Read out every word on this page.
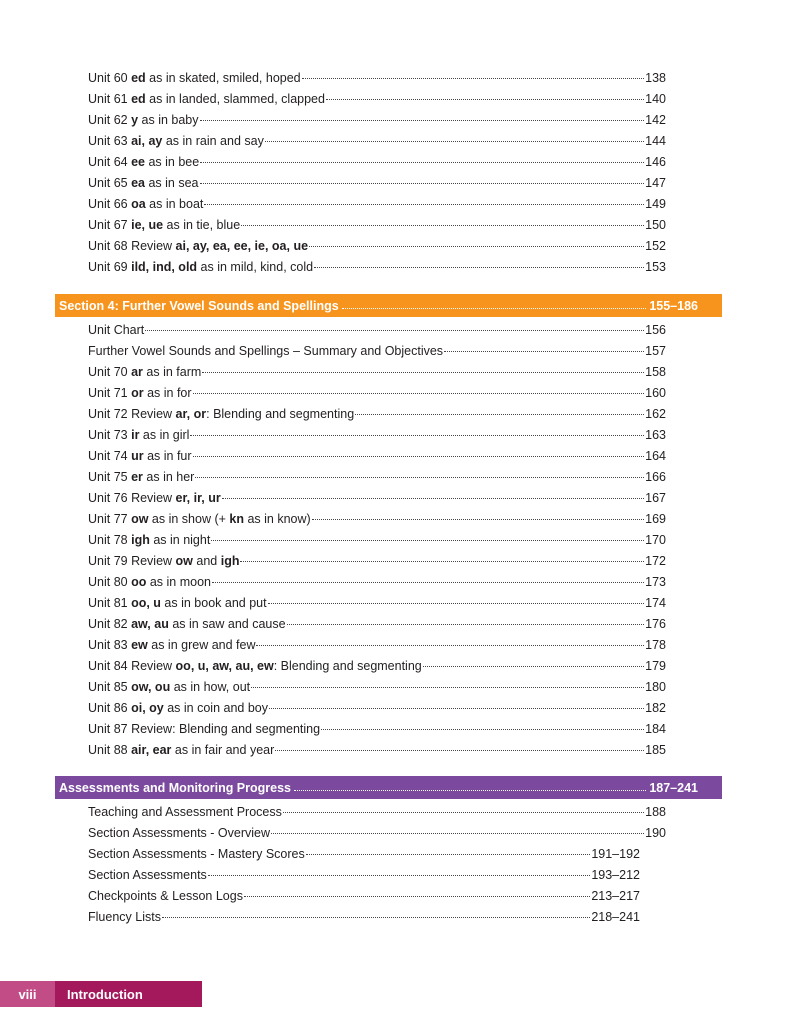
Unit 60 ed as in skated, smiled, hoped	138
Unit 61 ed as in landed, slammed, clapped	140
Unit 62 y as in baby	142
Unit 63 ai, ay as in rain and say	144
Unit 64 ee as in bee	146
Unit 65 ea as in sea	147
Unit 66 oa as in boat	149
Unit 67 ie, ue as in tie, blue	150
Unit 68 Review ai, ay, ea, ee, ie, oa, ue	152
Unit 69 ild, ind, old as in mild, kind, cold	153
Section 4: Further Vowel Sounds and Spellings	155–186
Unit Chart	156
Further Vowel Sounds and Spellings – Summary and Objectives	157
Unit 70 ar as in farm	158
Unit 71 or as in for	160
Unit 72 Review ar, or: Blending and segmenting	162
Unit 73 ir as in girl	163
Unit 74 ur as in fur	164
Unit 75 er as in her	166
Unit 76 Review er, ir, ur	167
Unit 77 ow as in show (+ kn as in know)	169
Unit 78 igh as in night	170
Unit 79 Review ow and igh	172
Unit 80 oo as in moon	173
Unit 81 oo, u as in book and put	174
Unit 82 aw, au as in saw and cause	176
Unit 83 ew as in grew and few	178
Unit 84 Review oo, u, aw, au, ew: Blending and segmenting	179
Unit 85 ow, ou as in how, out	180
Unit 86 oi, oy as in coin and boy	182
Unit 87 Review: Blending and segmenting	184
Unit 88 air, ear as in fair and year	185
Assessments and Monitoring Progress	187–241
Teaching and Assessment Process	188
Section Assessments - Overview	190
Section Assessments - Mastery Scores	191–192
Section Assessments	193–212
Checkpoints & Lesson Logs	213–217
Fluency Lists	218–241
viii	Introduction
